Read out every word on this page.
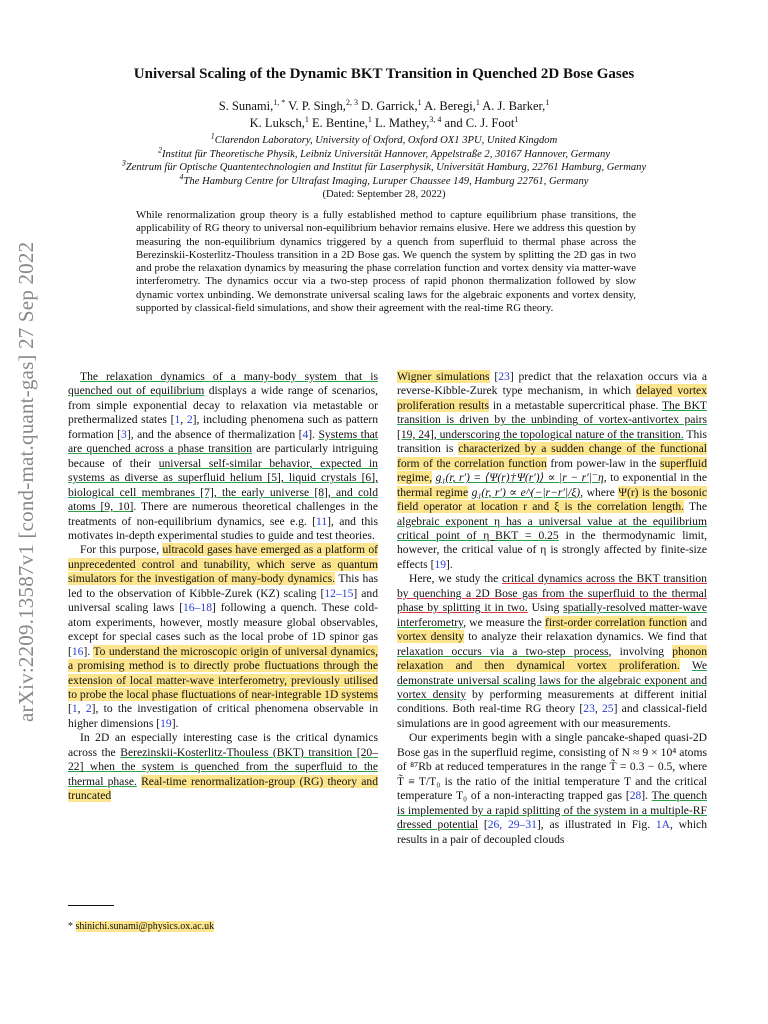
arXiv:2209.13587v1 [cond-mat.quant-gas] 27 Sep 2022
Universal Scaling of the Dynamic BKT Transition in Quenched 2D Bose Gases
S. Sunami,$^{1, *}$ V. P. Singh,$^{2, 3}$ D. Garrick,$^1$ A. Beregi,$^1$ A. J. Barker,$^1$
K. Luksch,$^1$ E. Bentine,$^1$ L. Mathey,$^{3, 4}$ and C. J. Foot$^1$
$^1$Clarendon Laboratory, University of Oxford, Oxford OX1 3PU, United Kingdom
$^2$Institut für Theoretische Physik, Leibniz Universität Hannover, Appelstraße 2, 30167 Hannover, Germany
$^3$Zentrum für Optische Quantentechnologien and Institut für Laserphysik, Universität Hamburg, 22761 Hamburg, Germany
$^4$The Hamburg Centre for Ultrafast Imaging, Luruper Chaussee 149, Hamburg 22761, Germany
(Dated: September 28, 2022)
While renormalization group theory is a fully established method to capture equilibrium phase transitions, the applicability of RG theory to universal non-equilibrium behavior remains elusive. Here we address this question by measuring the non-equilibrium dynamics triggered by a quench from superfluid to thermal phase across the Berezinskii-Kosterlitz-Thouless transition in a 2D Bose gas. We quench the system by splitting the 2D gas in two and probe the relaxation dynamics by measuring the phase correlation function and vortex density via matter-wave interferometry. The dynamics occur via a two-step process of rapid phonon thermalization followed by slow dynamic vortex unbinding. We demonstrate universal scaling laws for the algebraic exponents and vortex density, supported by classical-field simulations, and show their agreement with the real-time RG theory.

The relaxation dynamics of a many-body system that is quenched out of equilibrium displays a wide range of scenarios, from simple exponential decay to relaxation via metastable or prethermalized states [1, 2], including phenomena such as pattern formation [3], and the absence of thermalization [4]. Systems that are quenched across a phase transition are particularly intriguing because of their universal self-similar behavior, expected in systems as diverse as superfluid helium [5], liquid crystals [6], biological cell membranes [7], the early universe [8], and cold atoms [9, 10]. There are numerous theoretical challenges in the treatments of non-equilibrium dynamics, see e.g. [11], and this motivates in-depth experimental studies to guide and test theories.

For this purpose, ultracold gases have emerged as a platform of unprecedented control and tunability, which serve as quantum simulators for the investigation of many-body dynamics. This has led to the observation of Kibble-Zurek (KZ) scaling [12–15] and universal scaling laws [16–18] following a quench. These cold-atom experiments, however, mostly measure global observables, except for special cases such as the local probe of 1D spinor gas [16]. To understand the microscopic origin of universal dynamics, a promising method is to directly probe fluctuations through the extension of local matter-wave interferometry, previously utilised to probe the local phase fluctuations of near-integrable 1D systems [1, 2], to the investigation of critical phenomena observable in higher dimensions [19].

In 2D an especially interesting case is the critical dynamics across the Berezinskii-Kosterlitz-Thouless (BKT) transition [20–22] when the system is quenched from the superfluid to the thermal phase. Real-time renormalization-group (RG) theory and truncated

Wigner simulations [23] predict that the relaxation occurs via a reverse-Kibble-Zurek type mechanism, in which delayed vortex proliferation results in a metastable supercritical phase. The BKT transition is driven by the unbinding of vortex-antivortex pairs [19, 24], underscoring the topological nature of the transition. This transition is characterized by a sudden change of the functional form of the correlation function from power-law in the superfluid regime, g₁(r, r′) = ⟨Ψ(r)†Ψ(r′)⟩ ∝ |r − r′|⁻η, to exponential in the thermal regime g₁(r, r′) ∝ e^(−|r−r′|/ξ), where Ψ(r) is the bosonic field operator at location r and ξ is the correlation length. The algebraic exponent η has a universal value at the equilibrium critical point of η_BKT = 0.25 in the thermodynamic limit, however, the critical value of η is strongly affected by finite-size effects [19].

Here, we study the critical dynamics across the BKT transition by quenching a 2D Bose gas from the superfluid to the thermal phase by splitting it in two. Using spatially-resolved matter-wave interferometry, we measure the first-order correlation function and vortex density to analyze their relaxation dynamics. We find that relaxation occurs via a two-step process, involving phonon relaxation and then dynamical vortex proliferation. We demonstrate universal scaling laws for the algebraic exponent and vortex density by performing measurements at different initial conditions. Both real-time RG theory [23, 25] and classical-field simulations are in good agreement with our measurements.

Our experiments begin with a single pancake-shaped quasi-2D Bose gas in the superfluid regime, consisting of N ≈ 9 × 10⁴ atoms of ⁸⁷Rb at reduced temperatures in the range T̃ = 0.3 − 0.5, where T̃ ≡ T/T₀ is the ratio of the initial temperature T and the critical temperature T₀ of a non-interacting trapped gas [28]. The quench is implemented by a rapid splitting of the system in a multiple-RF dressed potential [26, 29–31], as illustrated in Fig. 1A, which results in a pair of decoupled clouds

* shinichi.sunami@physics.ox.ac.uk
